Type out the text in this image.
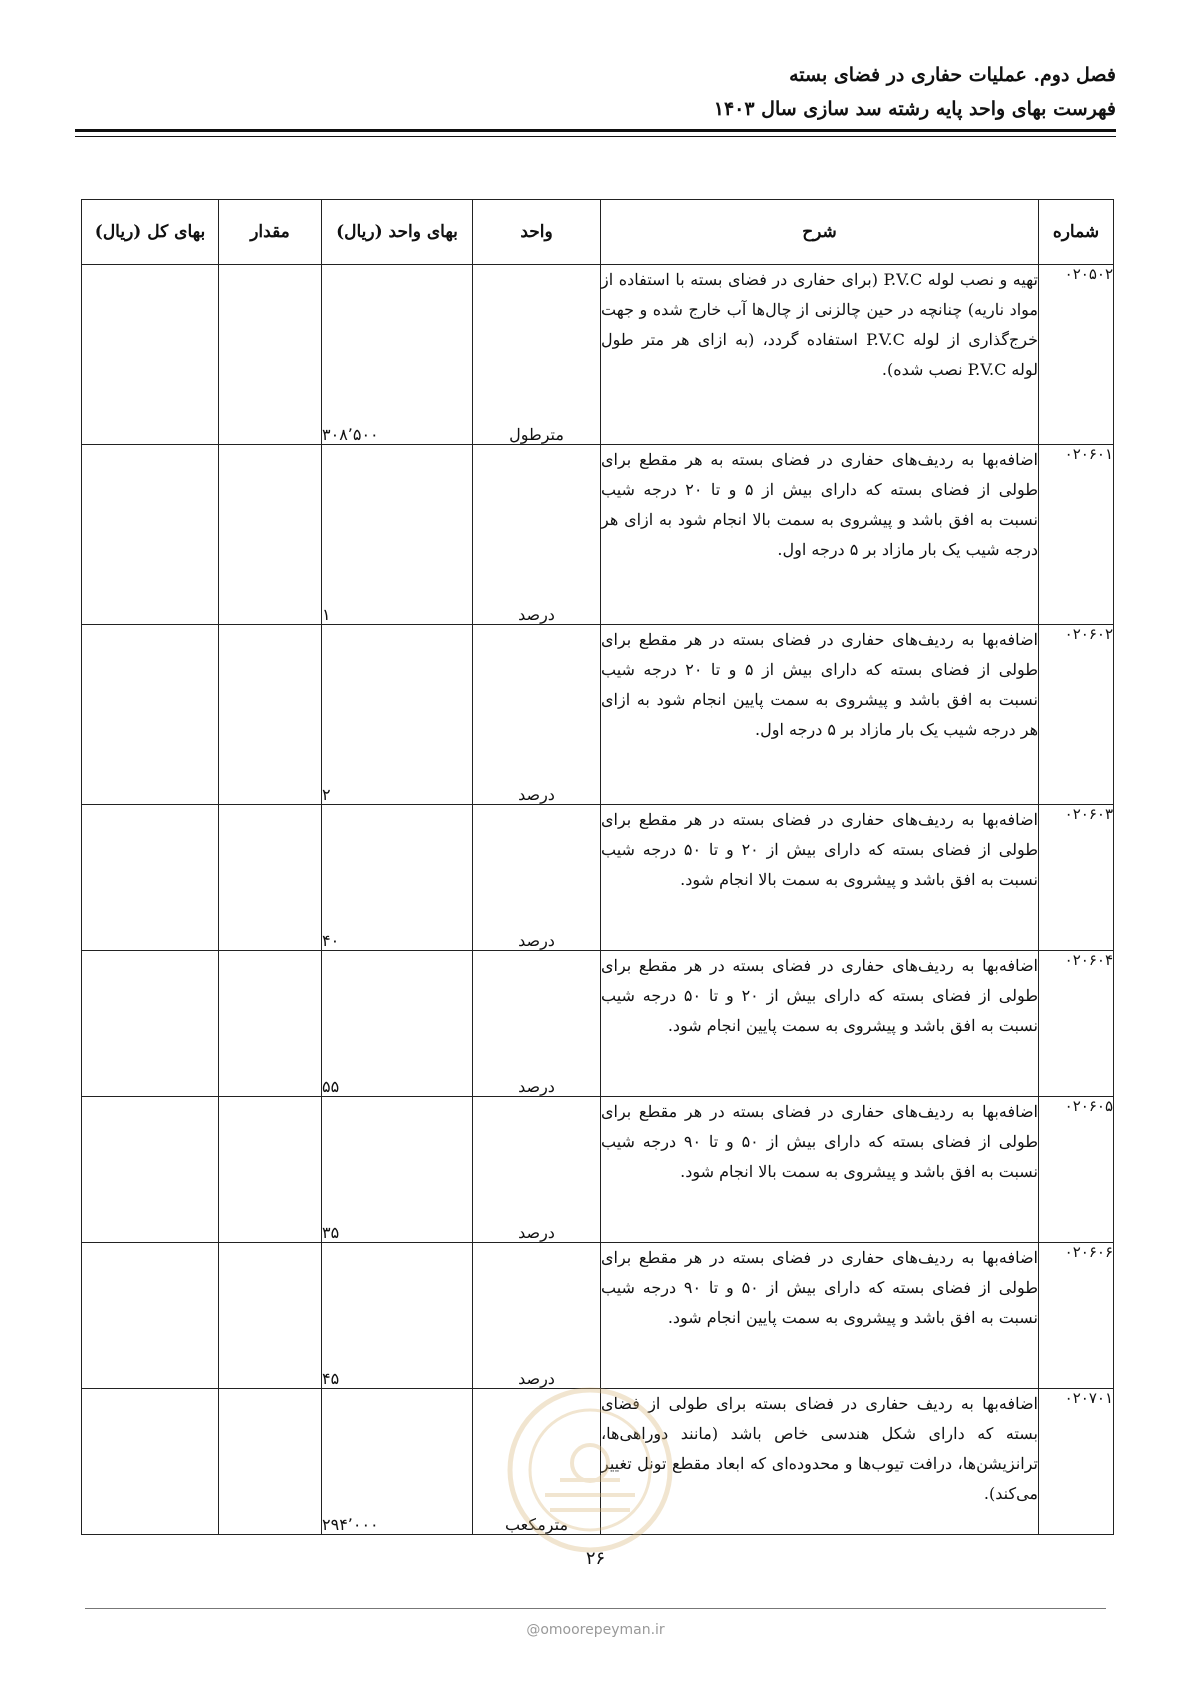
فصل دوم. عملیات حفاری در فضای بسته
فهرست بهای واحد پایه رشته سد سازی سال ۱۴۰۳
شماره	شرح	واحد	بهای واحد (ریال)	مقدار	بهای کل (ریال)
۰۲۰۵۰۲	تهیه و نصب لوله P.V.C (برای حفاری در فضای بسته با استفاده از مواد ناریه) چنانچه در حین چالزنی از چال‌ها آب خارج شده و جهت خرج‌گذاری از لوله P.V.C استفاده گردد، (به ازای هر متر طول لوله P.V.C نصب شده).	مترطول	۳۰۸٬۵۰۰		
۰۲۰۶۰۱	اضافه‌بها به ردیف‌های حفاری در فضای بسته به هر مقطع برای طولی از فضای بسته که دارای بیش از ۵ و تا ۲۰ درجه شیب نسبت به افق باشد و پیشروی به سمت بالا انجام شود به ازای هر درجه شیب یک بار مازاد بر ۵ درجه اول.	درصد	۱		
۰۲۰۶۰۲	اضافه‌بها به ردیف‌های حفاری در فضای بسته در هر مقطع برای طولی از فضای بسته که دارای بیش از ۵ و تا ۲۰ درجه شیب نسبت به افق باشد و پیشروی به سمت پایین انجام شود به ازای هر درجه شیب یک بار مازاد بر ۵ درجه اول.	درصد	۲		
۰۲۰۶۰۳	اضافه‌بها به ردیف‌های حفاری در فضای بسته در هر مقطع برای طولی از فضای بسته که دارای بیش از ۲۰ و تا ۵۰ درجه شیب نسبت به افق باشد و پیشروی به سمت بالا انجام شود.	درصد	۴۰		
۰۲۰۶۰۴	اضافه‌بها به ردیف‌های حفاری در فضای بسته در هر مقطع برای طولی از فضای بسته که دارای بیش از ۲۰ و تا ۵۰ درجه شیب نسبت به افق باشد و پیشروی به سمت پایین انجام شود.	درصد	۵۵		
۰۲۰۶۰۵	اضافه‌بها به ردیف‌های حفاری در فضای بسته در هر مقطع برای طولی از فضای بسته که دارای بیش از ۵۰ و تا ۹۰ درجه شیب نسبت به افق باشد و پیشروی به سمت بالا انجام شود.	درصد	۳۵		
۰۲۰۶۰۶	اضافه‌بها به ردیف‌های حفاری در فضای بسته در هر مقطع برای طولی از فضای بسته که دارای بیش از ۵۰ و تا ۹۰ درجه شیب نسبت به افق باشد و پیشروی به سمت پایین انجام شود.	درصد	۴۵		
۰۲۰۷۰۱	اضافه‌بها به ردیف حفاری در فضای بسته برای طولی از فضای بسته که دارای شکل هندسی خاص باشد (مانند دوراهی‌ها، ترانزیشن‌ها، درافت تیوب‌ها و محدوده‌ای که ابعاد مقطع تونل تغییر می‌کند).	مترمکعب	۲۹۴٬۰۰۰		
۲۶
@omoorepeyman.ir
